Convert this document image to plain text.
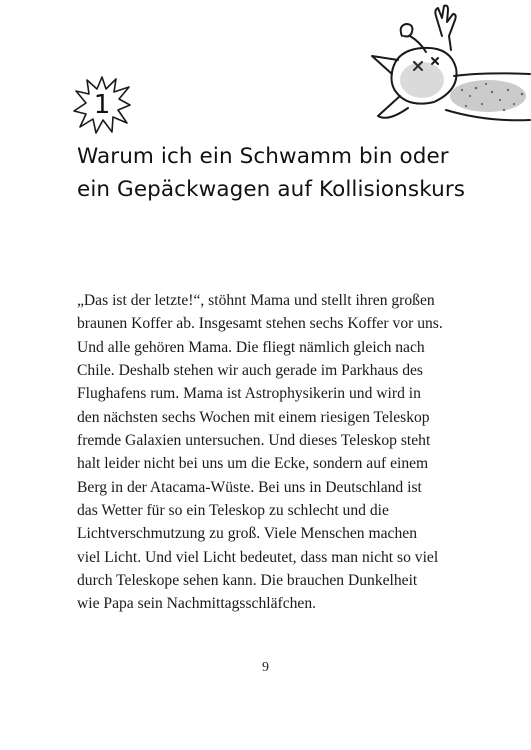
1
Warum ich ein Schwamm bin oder
ein Gepäckwagen auf Kollisionskurs
„Das ist der letzte!“, stöhnt Mama und stellt ihren großen
braunen Koffer ab. Insgesamt stehen sechs Koffer vor uns.
Und alle gehören Mama. Die fliegt nämlich gleich nach
Chile. Deshalb stehen wir auch gerade im Parkhaus des
Flughafens rum. Mama ist Astrophysikerin und wird in
den nächsten sechs Wochen mit einem riesigen Teleskop
fremde Galaxien untersuchen. Und dieses Teleskop steht
halt leider nicht bei uns um die Ecke, sondern auf einem
Berg in der Atacama-Wüste. Bei uns in Deutschland ist
das Wetter für so ein Teleskop zu schlecht und die
Lichtverschmutzung zu groß. Viele Menschen machen
viel Licht. Und viel Licht bedeutet, dass man nicht so viel
durch Teleskope sehen kann. Die brauchen Dunkelheit
wie Papa sein Nachmittagsschläfchen.
9
